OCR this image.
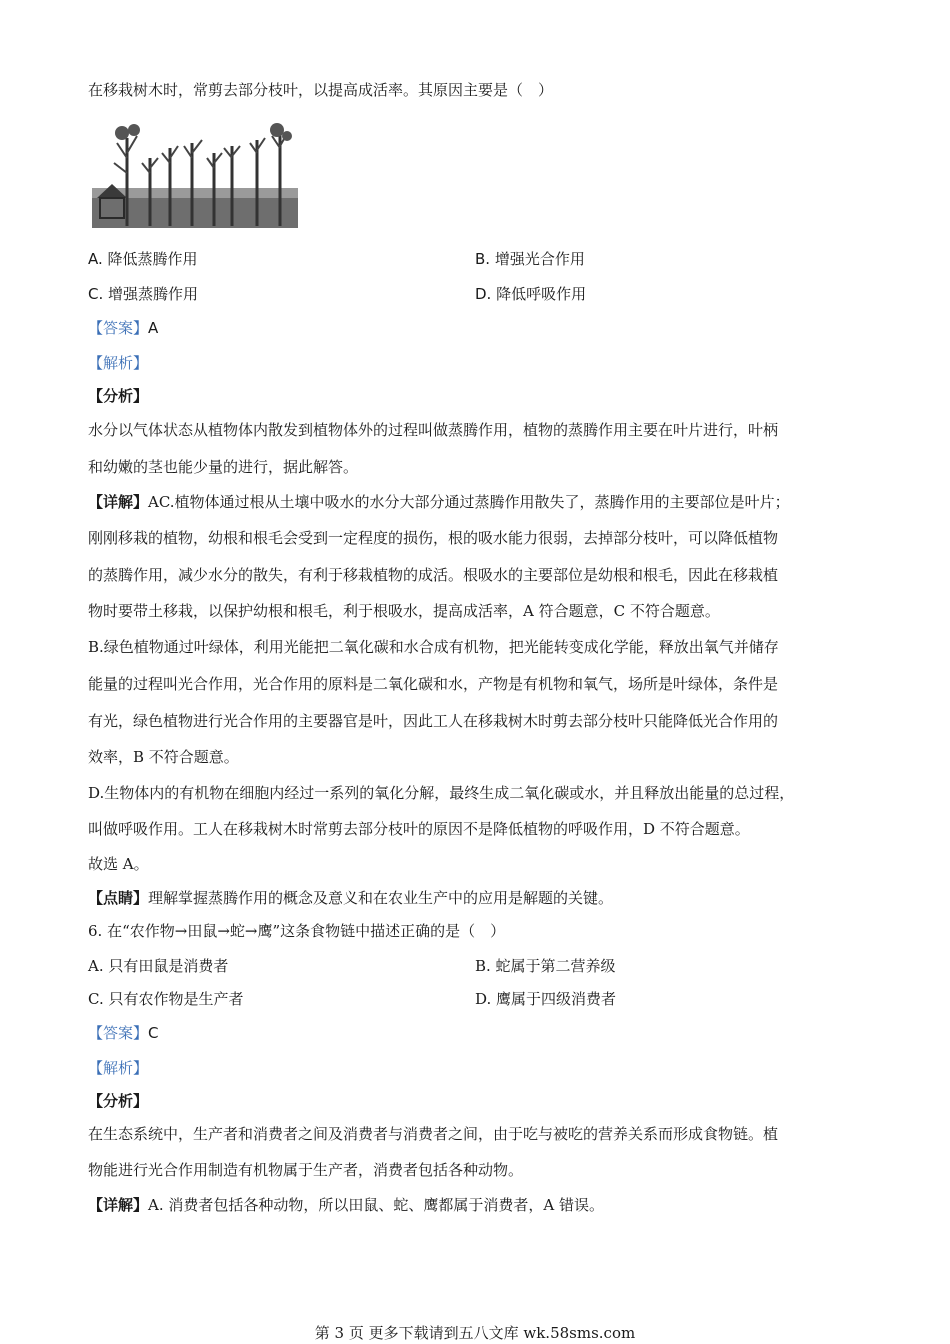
在移栽树木时，常剪去部分枝叶，以提高成活率。其原因主要是（　）
A. 降低蒸腾作用	B. 增强光合作用
C. 增强蒸腾作用	D. 降低呼吸作用
【答案】A
【解析】
【分析】
水分以气体状态从植物体内散发到植物体外的过程叫做蒸腾作用，植物的蒸腾作用主要在叶片进行，叶柄
和幼嫩的茎也能少量的进行，据此解答。
【详解】AC.植物体通过根从土壤中吸水的水分大部分通过蒸腾作用散失了，蒸腾作用的主要部位是叶片；
刚刚移栽的植物，幼根和根毛会受到一定程度的损伤，根的吸水能力很弱，去掉部分枝叶，可以降低植物
的蒸腾作用，减少水分的散失，有利于移栽植物的成活。根吸水的主要部位是幼根和根毛，因此在移栽植
物时要带土移栽，以保护幼根和根毛，利于根吸水，提高成活率，A 符合题意，C 不符合题意。
B.绿色植物通过叶绿体，利用光能把二氧化碳和水合成有机物，把光能转变成化学能，释放出氧气并储存
能量的过程叫光合作用，光合作用的原料是二氧化碳和水，产物是有机物和氧气，场所是叶绿体，条件是
有光，绿色植物进行光合作用的主要器官是叶，因此工人在移栽树木时剪去部分枝叶只能降低光合作用的
效率，B 不符合题意。
D.生物体内的有机物在细胞内经过一系列的氧化分解，最终生成二氧化碳或水，并且释放出能量的总过程，
叫做呼吸作用。工人在移栽树木时常剪去部分枝叶的原因不是降低植物的呼吸作用，D 不符合题意。
故选 A。
【点睛】理解掌握蒸腾作用的概念及意义和在农业生产中的应用是解题的关键。
6. 在“农作物→田鼠→蛇→鹰”这条食物链中描述正确的是（　）
A. 只有田鼠是消费者	B. 蛇属于第二营养级
C. 只有农作物是生产者	D. 鹰属于四级消费者
【答案】C
【解析】
【分析】
在生态系统中，生产者和消费者之间及消费者与消费者之间，由于吃与被吃的营养关系而形成食物链。植
物能进行光合作用制造有机物属于生产者，消费者包括各种动物。
【详解】A. 消费者包括各种动物，所以田鼠、蛇、鹰都属于消费者，A 错误。
第 3 页 更多下载请到五八文库 wk.58sms.com
